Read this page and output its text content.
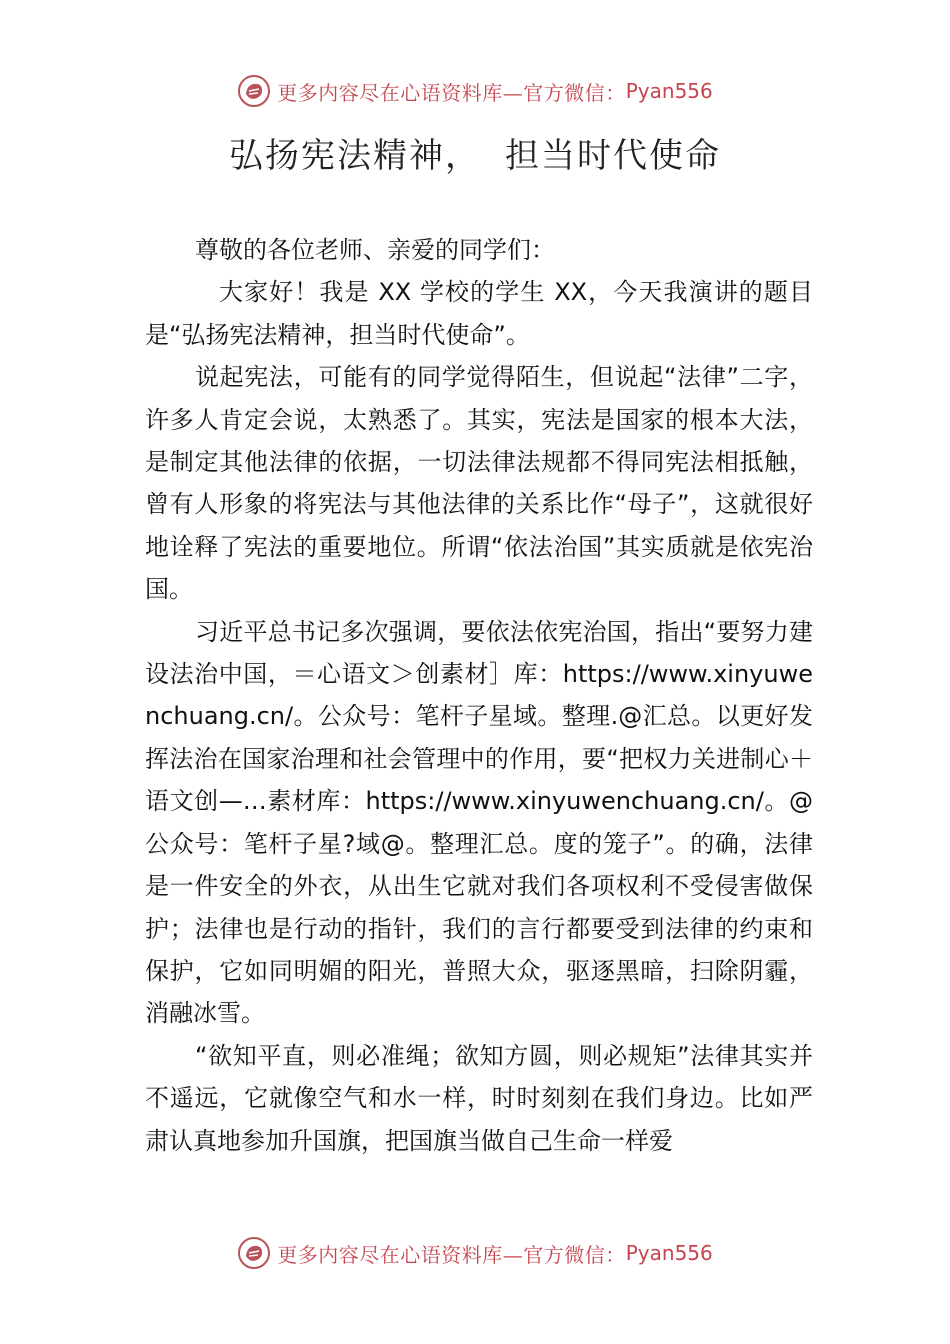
更多内容尽在心语资料库—官方微信： Pyan556
弘扬宪法精神， 担当时代使命

尊敬的各位老师、亲爱的同学们：

大家好！我是 XX 学校的学生 XX，今天我演讲的题目是“弘扬宪法精神，担当时代使命”。

说起宪法，可能有的同学觉得陌生，但说起“法律”二字，许多人肯定会说，太熟悉了。其实，宪法是国家的根本大法，是制定其他法律的依据，一切法律法规都不得同宪法相抵触，曾有人形象的将宪法与其他法律的关系比作“母子”，这就很好地诠释了宪法的重要地位。所谓“依法治国”其实质就是依宪治国。

习近平总书记多次强调，要依法依宪治国，指出“要努力建设法治中国，＝心语文＞创素材］库：https://www.xinyuwenchuang.cn/。公众号：笔杆子星域。整理.@汇总。以更好发挥法治在国家治理和社会管理中的作用，要“把权力关进制心＋语文创—…素材库：https://www.xinyuwenchuang.cn/。@公众号：笔杆子星?域@。整理汇总。度的笼子”。的确，法律是一件安全的外衣，从出生它就对我们各项权利不受侵害做保护；法律也是行动的指针，我们的言行都要受到法律的约束和保护，它如同明媚的阳光，普照大众，驱逐黑暗，扫除阴霾，消融冰雪。

“欲知平直，则必准绳；欲知方圆，则必规矩”法律其实并不遥远，它就像空气和水一样，时时刻刻在我们身边。比如严肃认真地参加升国旗，把国旗当做自己生命一样爱

更多内容尽在心语资料库—官方微信： Pyan556
